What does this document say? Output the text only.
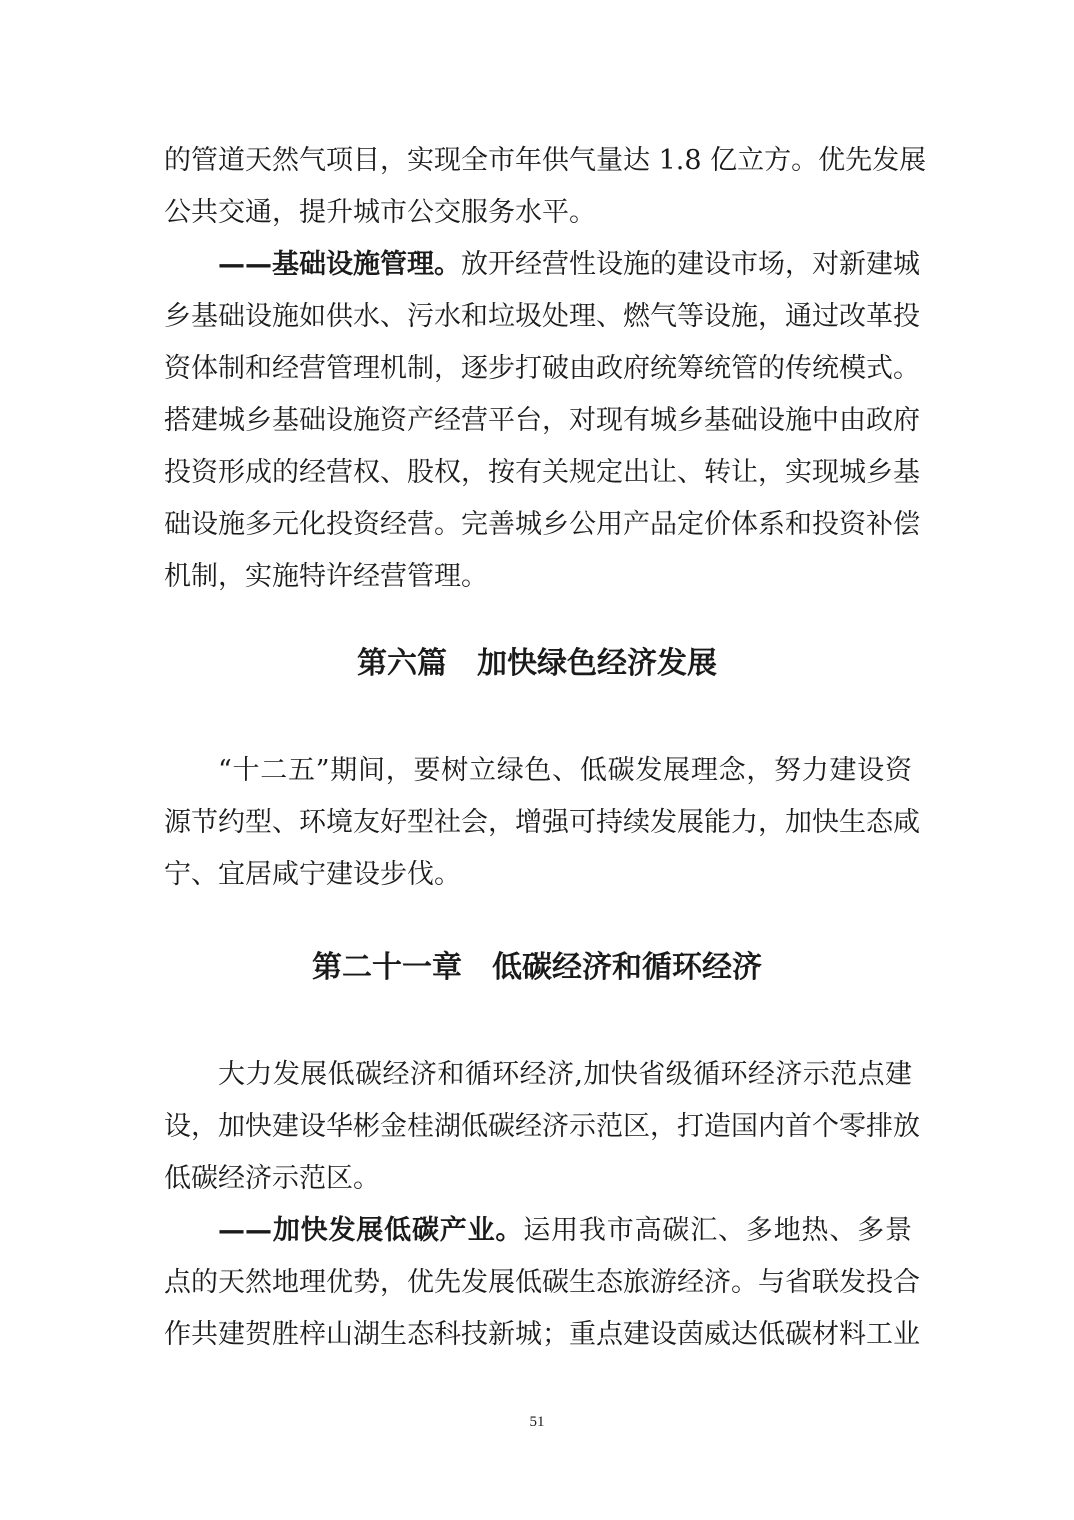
的管道天然气项目，实现全市年供气量达 1.8 亿立方。优先发展
公共交通，提升城市公交服务水平。
——基础设施管理。放开经营性设施的建设市场，对新建城
乡基础设施如供水、污水和垃圾处理、燃气等设施，通过改革投
资体制和经营管理机制，逐步打破由政府统筹统管的传统模式。
搭建城乡基础设施资产经营平台，对现有城乡基础设施中由政府
投资形成的经营权、股权，按有关规定出让、转让，实现城乡基
础设施多元化投资经营。完善城乡公用产品定价体系和投资补偿
机制，实施特许经营管理。
第六篇　加快绿色经济发展
“十二五”期间，要树立绿色、低碳发展理念，努力建设资
源节约型、环境友好型社会，增强可持续发展能力，加快生态咸
宁、宜居咸宁建设步伐。
第二十一章　低碳经济和循环经济
大力发展低碳经济和循环经济,加快省级循环经济示范点建
设，加快建设华彬金桂湖低碳经济示范区，打造国内首个零排放
低碳经济示范区。
——加快发展低碳产业。运用我市高碳汇、多地热、多景
点的天然地理优势，优先发展低碳生态旅游经济。与省联发投合
作共建贺胜梓山湖生态科技新城；重点建设茵威达低碳材料工业
51
